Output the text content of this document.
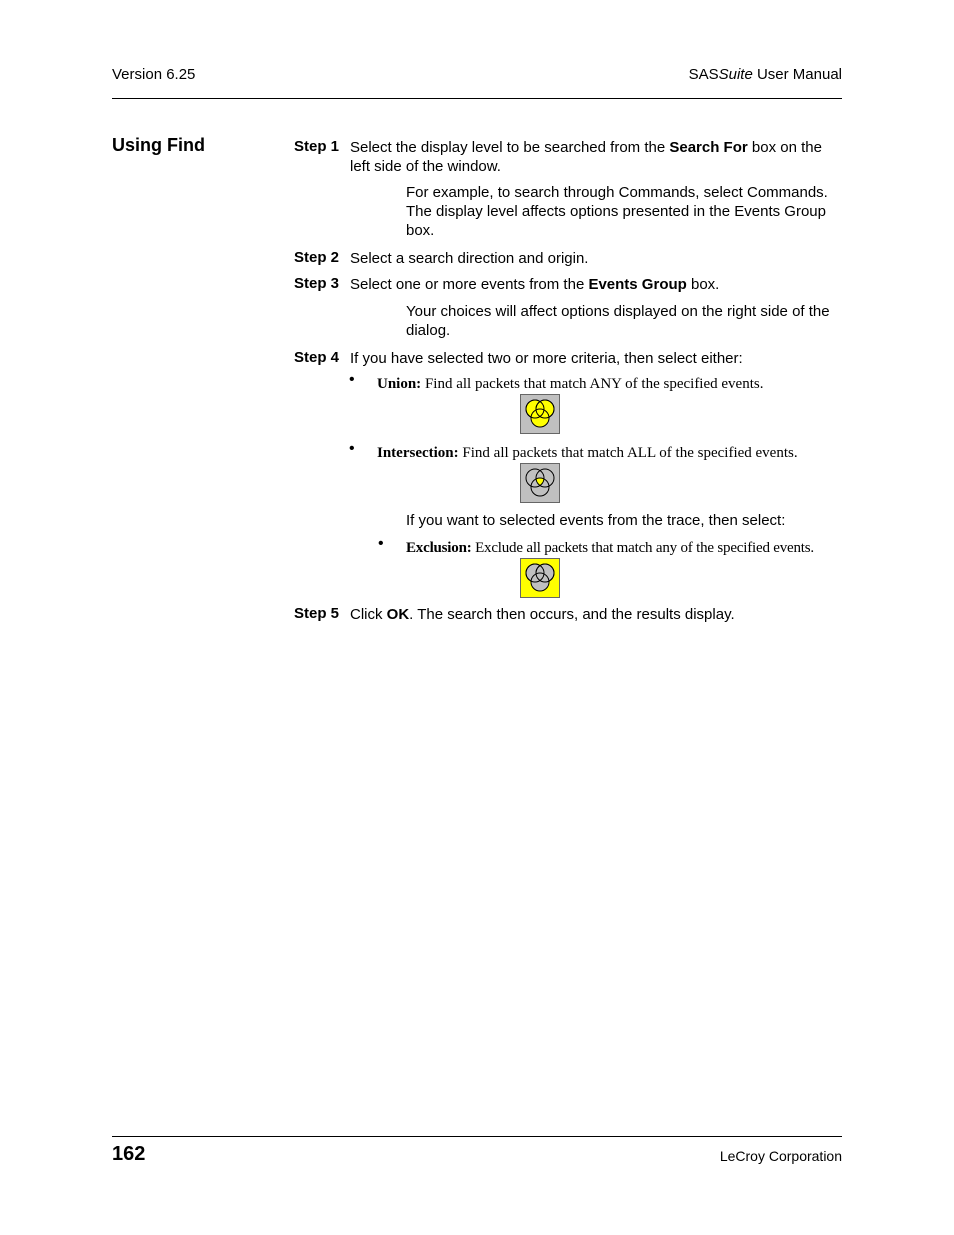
Version 6.25	SASSuite User Manual
Using Find	Step 1 Select the display level to be searched from the Search For box on the left side of the window.
For example, to search through Commands, select Commands. The display level affects options presented in the Events Group box.
Step 2 Select a search direction and origin.
Step 3 Select one or more events from the Events Group box.
Your choices will affect options displayed on the right side of the dialog.
Step 4 If you have selected two or more criteria, then select either:
• Union: Find all packets that match ANY of the specified events.
• Intersection: Find all packets that match ALL of the specified events.
If you want to selected events from the trace, then select:
• Exclusion: Exclude all packets that match any of the specified events.
Step 5 Click OK. The search then occurs, and the results display.
162	LeCroy Corporation
